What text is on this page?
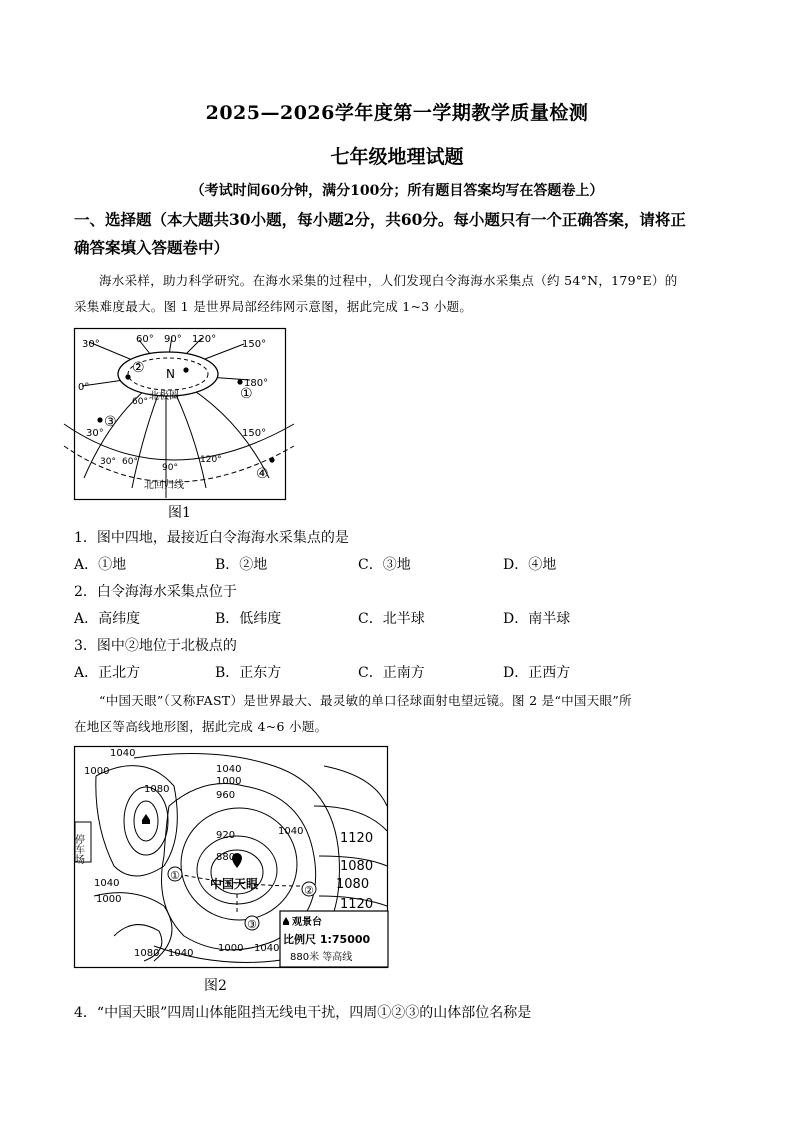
2025—2026学年度第一学期教学质量检测
七年级地理试题
（考试时间60分钟，满分100分；所有题目答案均写在答题卷上）
一、选择题（本大题共30小题，每小题2分，共60分。每小题只有一个正确答案，请将正
确答案填入答题卷中）
海水采样，助力科学研究。在海水采集的过程中，人们发现白令海海水采集点（约 54°N，179°E）的
采集难度最大。图 1 是世界局部经纬网示意图，据此完成 1~3 小题。
N
北极圈
北回归线
30°	60° 90° 120°	150°
0°	180°
60°
30°	150°
30° 60°
90°
120°
②
①
③
④
图1
1．图中四地，最接近白令海海水采集点的是
A．①地	B．②地	C．③地	D．④地
2．白令海海水采集点位于
A．高纬度	B．低纬度	C．北半球	D．南半球
3．图中②地位于北极点的
A．正北方	B．正东方	C．正南方	D．正西方
“中国天眼”（又称FAST）是世界最大、最灵敏的单口径球面射电望远镜。图 2 是“中国天眼”所
在地区等高线地形图，据此完成 4~6 小题。
1040
1000
1080
1040
1000
960
920
880
1040	1120
1080
1080
1120
1040
1000
1080 1040 1000 1040
停车场
中国天眼
①
②
③	观景台
比例尺 1:75000
880米 等高线
图2
4．“中国天眼”四周山体能阻挡无线电干扰，四周①②③的山体部位名称是
